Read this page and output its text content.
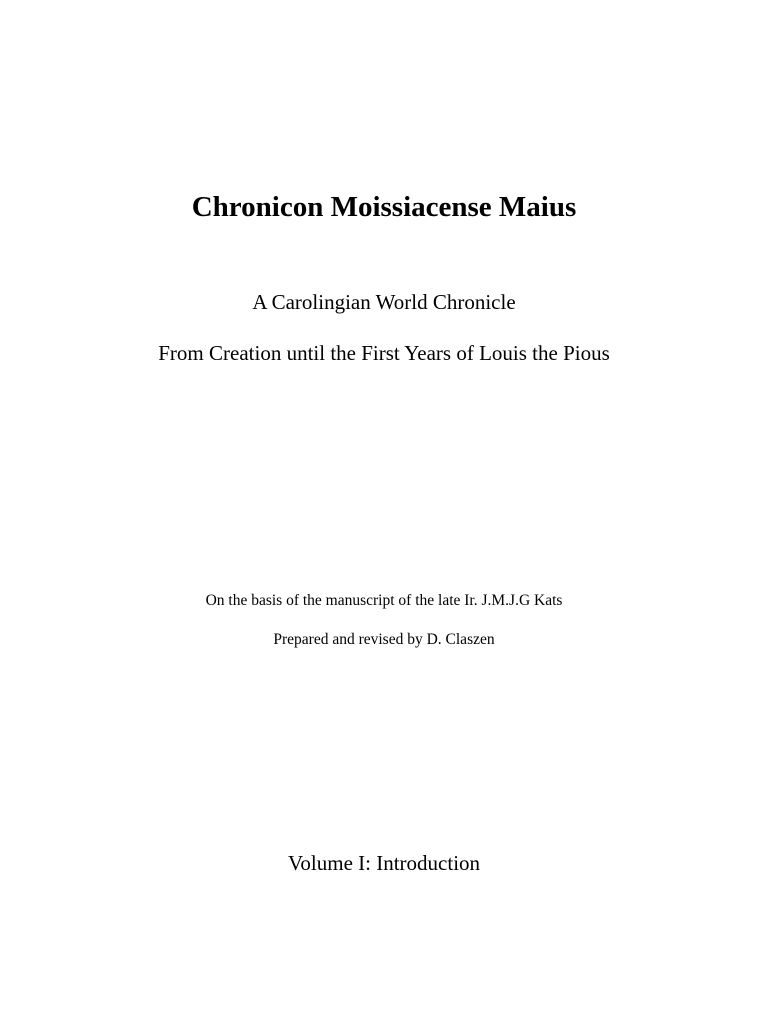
Chronicon Moissiacense Maius
A Carolingian World Chronicle
From Creation until the First Years of Louis the Pious
On the basis of the manuscript of the late Ir. J.M.J.G Kats
Prepared and revised by D. Claszen
Volume I: Introduction
